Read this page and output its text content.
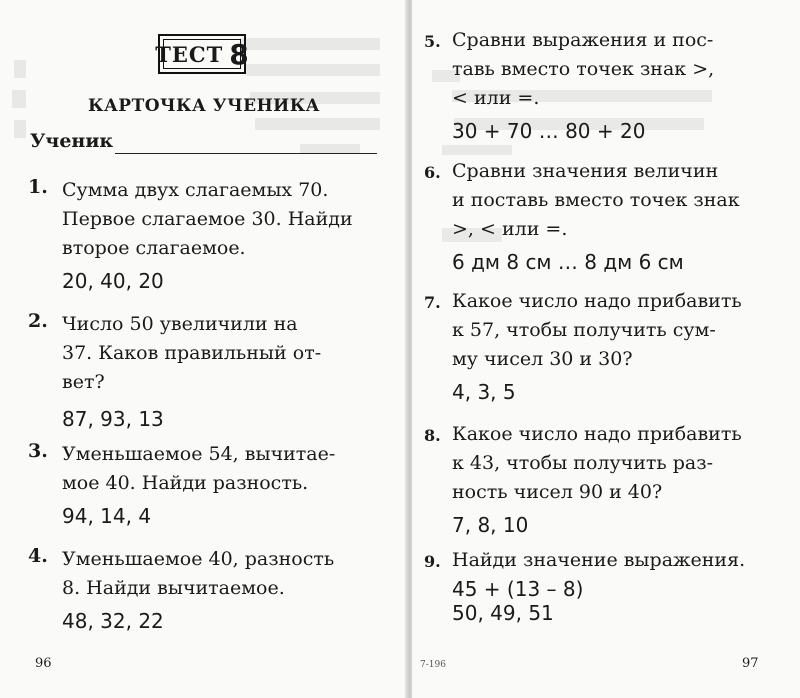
ТЕСТ 8
КАРТОЧКА УЧЕНИКА
Ученик
1. Сумма двух слагаемых 70.
Первое слагаемое 30. Найди
второе слагаемое.
20, 40, 20
2. Число 50 увеличили на
37. Каков правильный от-
вет?
87, 93, 13
3. Уменьшаемое 54, вычитае-
мое 40. Найди разность.
94, 14, 4
4. Уменьшаемое 40, разность
8. Найди вычитаемое.
48, 32, 22
96
5. Сравни выражения и пос-
тавь вместо точек знак >,
< или =.
30 + 70 … 80 + 20
6. Сравни значения величин
и поставь вместо точек знак
>, < или =.
6 дм 8 см … 8 дм 6 см
7. Какое число надо прибавить
к 57, чтобы получить сум-
му чисел 30 и 30?
4, 3, 5
8. Какое число надо прибавить
к 43, чтобы получить раз-
ность чисел 90 и 40?
7, 8, 10
9. Найди значение выражения.
45 + (13 – 8)
50, 49, 51
7-196	97
